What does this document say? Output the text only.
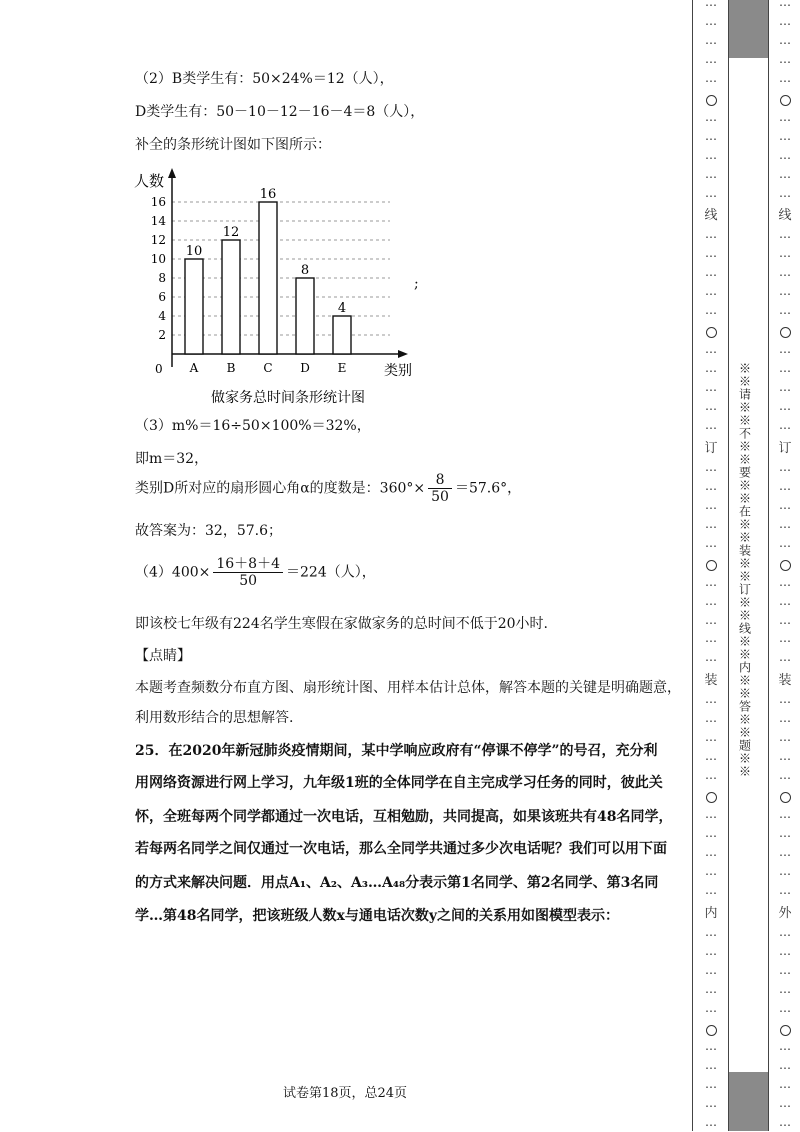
（2）B类学生有：50×24%＝12（人），
D类学生有：50－10－12－16－4＝8（人），
补全的条形统计图如下图所示：
2
4
6
8
10
12
14
16
10
A
12
B
16
C
8
D
4
E
人数
类别
0
做家务总时间条形统计图
;
（3）m%＝16÷50×100%＝32%，
即m＝32，
类别D所对应的扇形圆心角α的度数是：$360^\circ\times \frac{8}{50} =57.6^\circ$，
故答案为：32，57.6；
$(4)400\times \frac{16+8+4}{50} =224$（人），
即该校七年级有224名学生寒假在家做家务的总时间不低于20小时.
【点睛】
本题考查频数分布直方图、扇形统计图、用样本估计总体，解答本题的关键是明确题意，
利用数形结合的思想解答.
25．在2020年新冠肺炎疫情期间，某中学响应政府有“停课不停学”的号召，充分利
用网络资源进行网上学习，九年级1班的全体同学在自主完成学习任务的同时，彼此关
怀，全班每两个同学都通过一次电话，互相勉励，共同提高，如果该班共有48名同学，
若每两名同学之间仅通过一次电话，那么全同学共通过多少次电话呢？我们可以用下面
的方式来解决问题．用点A₁、A₂、A₃…A₄₈分表示第1名同学、第2名同学、第3名同
学…第48名同学，把该班级人数x与通电话次数y之间的关系用如图模型表示：
试卷第18页，总24页
⋯
⋯
⋯
⋯
⋯
⋯
⋯
⋯
⋯
⋯
线
⋯
⋯
⋯
⋯
⋯
⋯
⋯
⋯
⋯
⋯
订
⋯
⋯
⋯
⋯
⋯
⋯
⋯
⋯
⋯
⋯
装
⋯
⋯
⋯
⋯
⋯
⋯
⋯
⋯
⋯
⋯
内
⋯
⋯
⋯
⋯
⋯
⋯
⋯
⋯
⋯
⋯
⋯
⋯
⋯
⋯
⋯
⋯
⋯
⋯
⋯
⋯
线
⋯
⋯
⋯
⋯
⋯
⋯
⋯
⋯
⋯
⋯
订
⋯
⋯
⋯
⋯
⋯
⋯
⋯
⋯
⋯
⋯
装
⋯
⋯
⋯
⋯
⋯
⋯
⋯
⋯
⋯
⋯
外
⋯
⋯
⋯
⋯
⋯
⋯
⋯
⋯
⋯
⋯
※※请※※不※※要※※在※※装※※订※※线※※内※※答※※题※※
